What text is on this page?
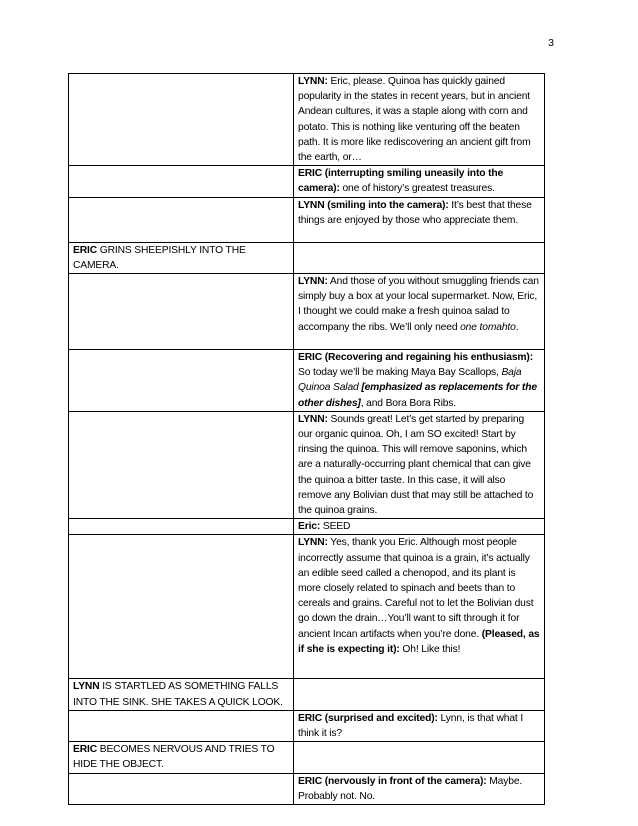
3
	LYNN: Eric, please. Quinoa has quickly gained popularity in the states in recent years, but in ancient Andean cultures, it was a staple along with corn and potato. This is nothing like venturing off the beaten path. It is more like rediscovering an ancient gift from the earth, or…
	ERIC (interrupting smiling uneasily into the camera): one of history’s greatest treasures.
	LYNN (smiling into the camera): It’s best that these things are enjoyed by those who appreciate them.
ERIC GRINS SHEEPISHLY INTO THE CAMERA.	
	LYNN: And those of you without smuggling friends can simply buy a box at your local supermarket. Now, Eric, I thought we could make a fresh quinoa salad to accompany the ribs. We’ll only need one tomahto.
	ERIC (Recovering and regaining his enthusiasm): So today we’ll be making Maya Bay Scallops, Baja Quinoa Salad [emphasized as replacements for the other dishes], and Bora Bora Ribs.
	LYNN: Sounds great! Let’s get started by preparing our organic quinoa. Oh, I am SO excited! Start by rinsing the quinoa. This will remove saponins, which are a naturally-occurring plant chemical that can give the quinoa a bitter taste. In this case, it will also remove any Bolivian dust that may still be attached to the quinoa grains.
	Eric: SEED
	LYNN: Yes, thank you Eric. Although most people incorrectly assume that quinoa is a grain, it’s actually an edible seed called a chenopod, and its plant is more closely related to spinach and beets than to cereals and grains. Careful not to let the Bolivian dust go down the drain…You’ll want to sift through it for ancient Incan artifacts when you’re done. (Pleased, as if she is expecting it): Oh! Like this!
LYNN IS STARTLED AS SOMETHING FALLS INTO THE SINK. SHE TAKES A QUICK LOOK.	
	ERIC (surprised and excited): Lynn, is that what I think it is?
ERIC BECOMES NERVOUS AND TRIES TO HIDE THE OBJECT.	
	ERIC (nervously in front of the camera): Maybe. Probably not. No.
